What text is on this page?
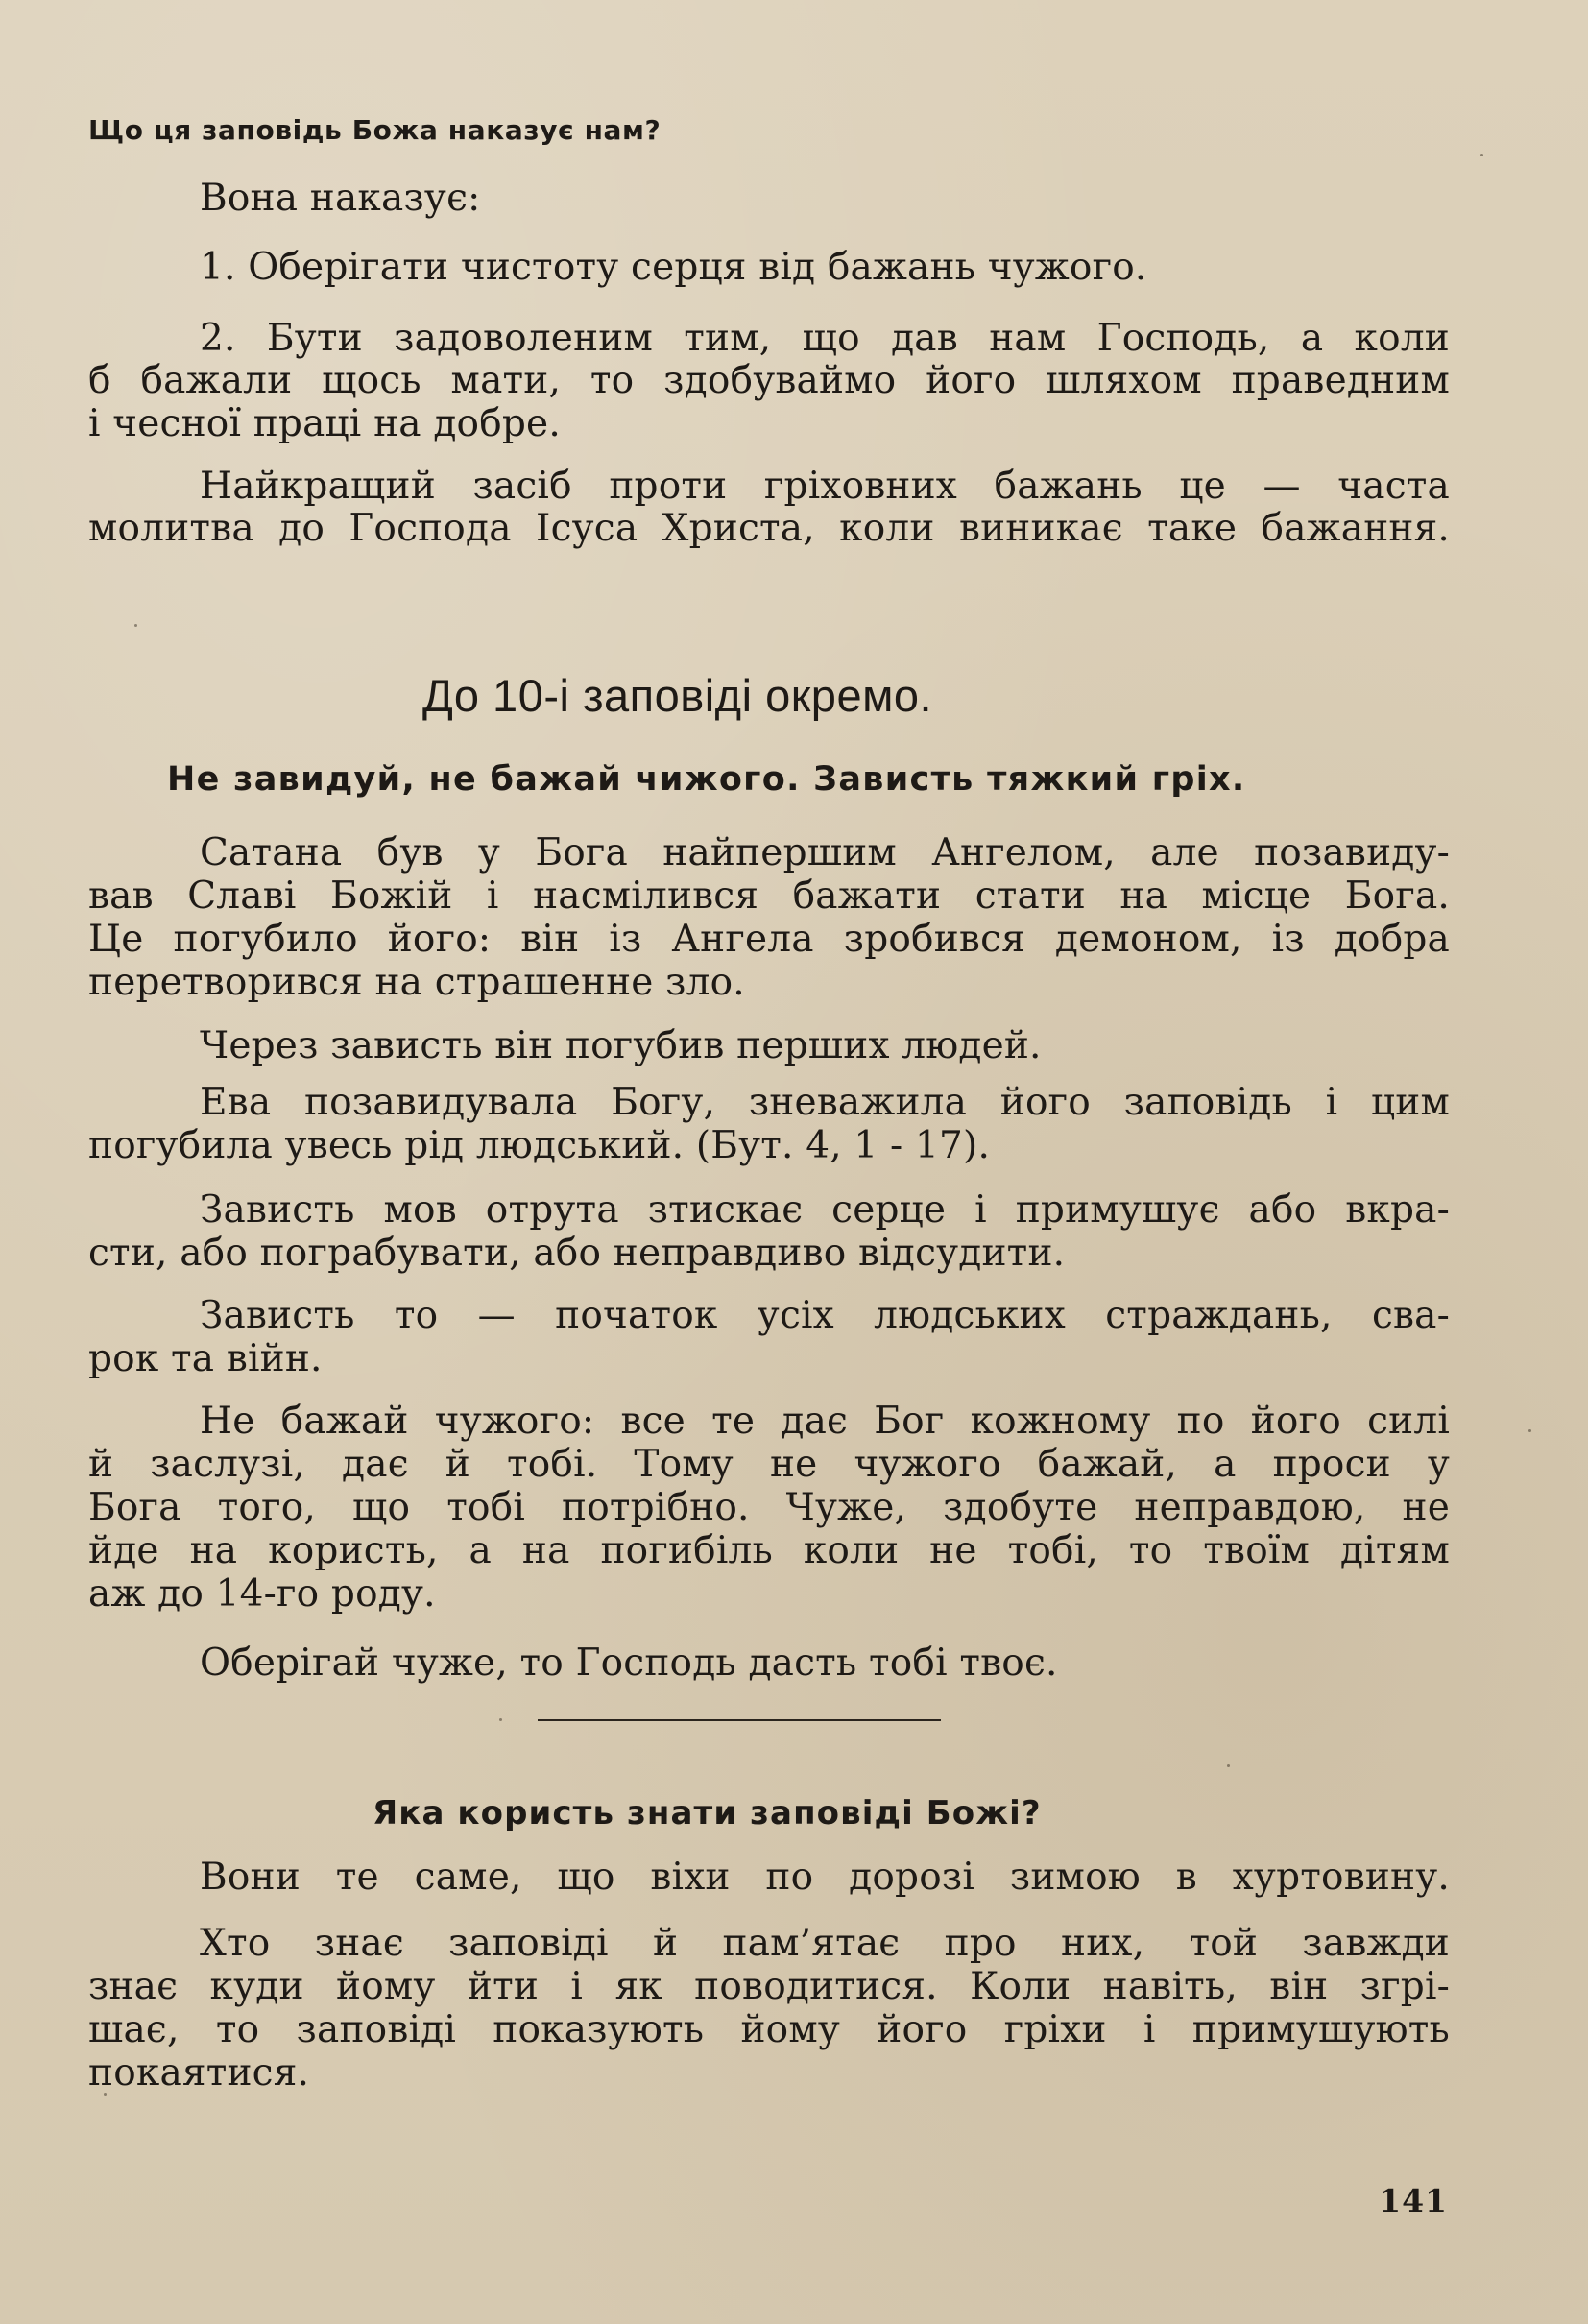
Що ця заповідь Божа наказує нам?
Вона наказує:
1. Оберігати чистоту серця від бажань чужого.
2. Бути задоволеним тим, що дав нам Господь, а коли
б бажали щось мати, то здобуваймо його шляхом праведним
і чесної праці на добре.
Найкращий засіб проти гріховних бажань це — часта
молитва до Господа Ісуса Христа, коли виникає таке бажання.
До 10-і заповіді окремо.
Не завидуй, не бажай чижого. Зависть тяжкий гріх.
Сатана був у Бога найпершим Ангелом, але позавиду-
вав Славі Божій і насмілився бажати стати на місце Бога.
Це погубило його: він із Ангела зробився демоном, із добра
перетворився на страшенне зло.
Через зависть він погубив перших людей.
Ева позавидувала Богу, зневажила його заповідь і цим
погубила увесь рід людський. (Бут. 4, 1 - 17).
Зависть мов отрута зтискає серце і примушує або вкра-
сти, або пограбувати, або неправдиво відсудити.
Зависть то — початок усіх людських страждань, сва-
рок та війн.
Не бажай чужого: все те дає Бог кожному по його силі
й заслузі, дає й тобі. Тому не чужого бажай, а проси у
Бога того, що тобі потрібно. Чуже, здобуте неправдою, не
йде на користь, а на погибіль коли не тобі, то твоїм дітям
аж до 14-го роду.
Оберігай чуже, то Господь дасть тобі твоє.
Яка користь знати заповіді Божі?
Вони те саме, що віхи по дорозі зимою в хуртовину.
Хто знає заповіді й пам’ятає про них, той завжди
знає куди йому йти і як поводитися. Коли навіть, він згрі-
шає, то заповіді показують йому його гріхи і примушують
покаятися.
141
